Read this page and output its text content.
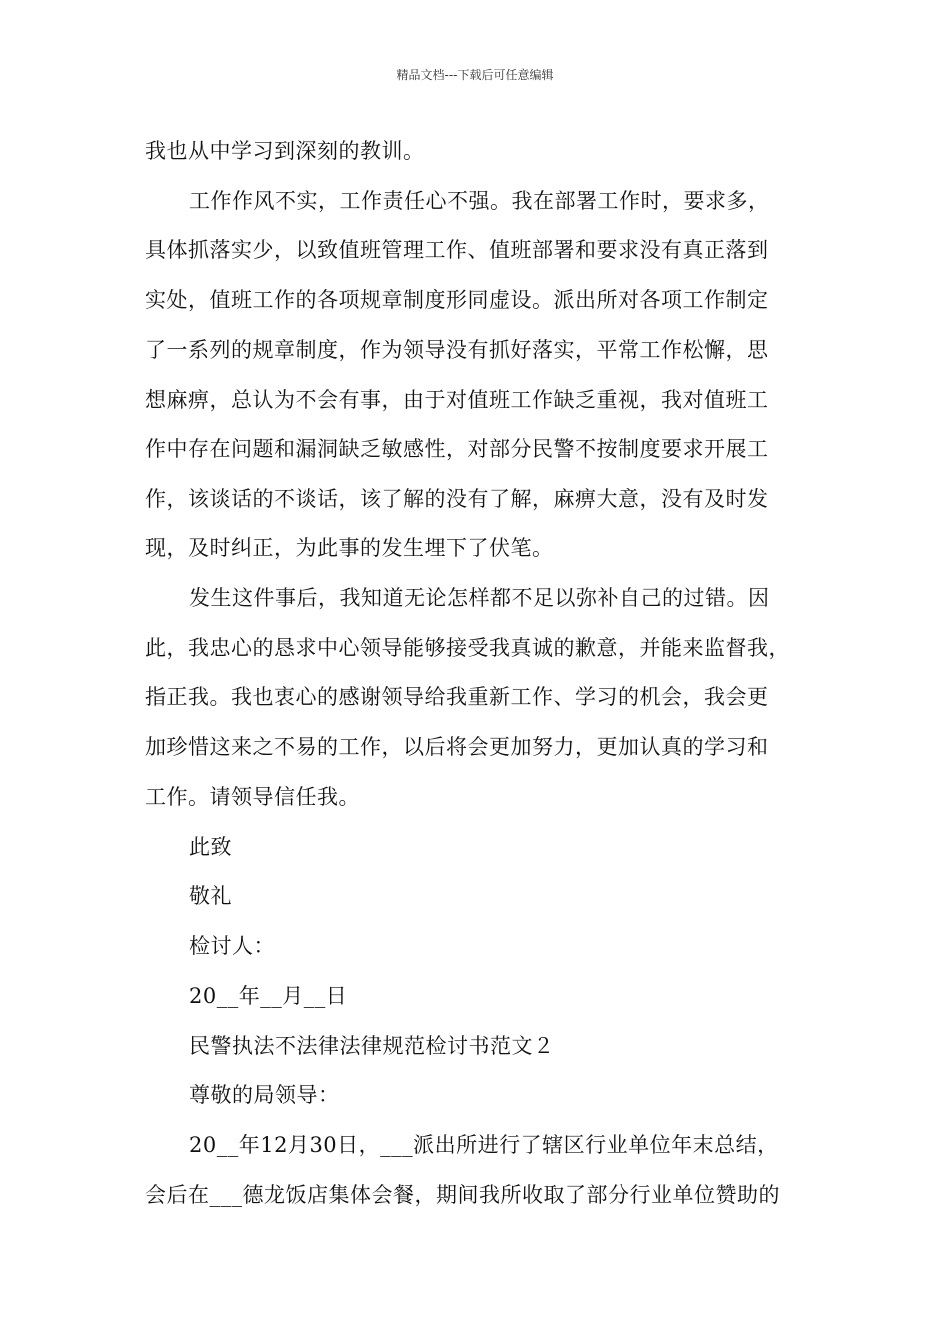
精品文档---下载后可任意编辑
我也从中学习到深刻的教训。
工作作风不实，工作责任心不强。我在部署工作时，要求多，
具体抓落实少，以致值班管理工作、值班部署和要求没有真正落到
实处，值班工作的各项规章制度形同虚设。派出所对各项工作制定
了一系列的规章制度，作为领导没有抓好落实，平常工作松懈，思
想麻痹，总认为不会有事，由于对值班工作缺乏重视，我对值班工
作中存在问题和漏洞缺乏敏感性，对部分民警不按制度要求开展工
作，该谈话的不谈话，该了解的没有了解，麻痹大意，没有及时发
现，及时纠正，为此事的发生埋下了伏笔。
发生这件事后，我知道无论怎样都不足以弥补自己的过错。因
此，我忠心的恳求中心领导能够接受我真诚的歉意，并能来监督我，
指正我。我也衷心的感谢领导给我重新工作、学习的机会，我会更
加珍惜这来之不易的工作，以后将会更加努力，更加认真的学习和
工作。请领导信任我。
此致
敬礼
检讨人：
20__年__月__日
民警执法不法律法律规范检讨书范文２
尊敬的局领导：
20__年12月30日，___派出所进行了辖区行业单位年末总结，
会后在___德龙饭店集体会餐，期间我所收取了部分行业单位赞助的
